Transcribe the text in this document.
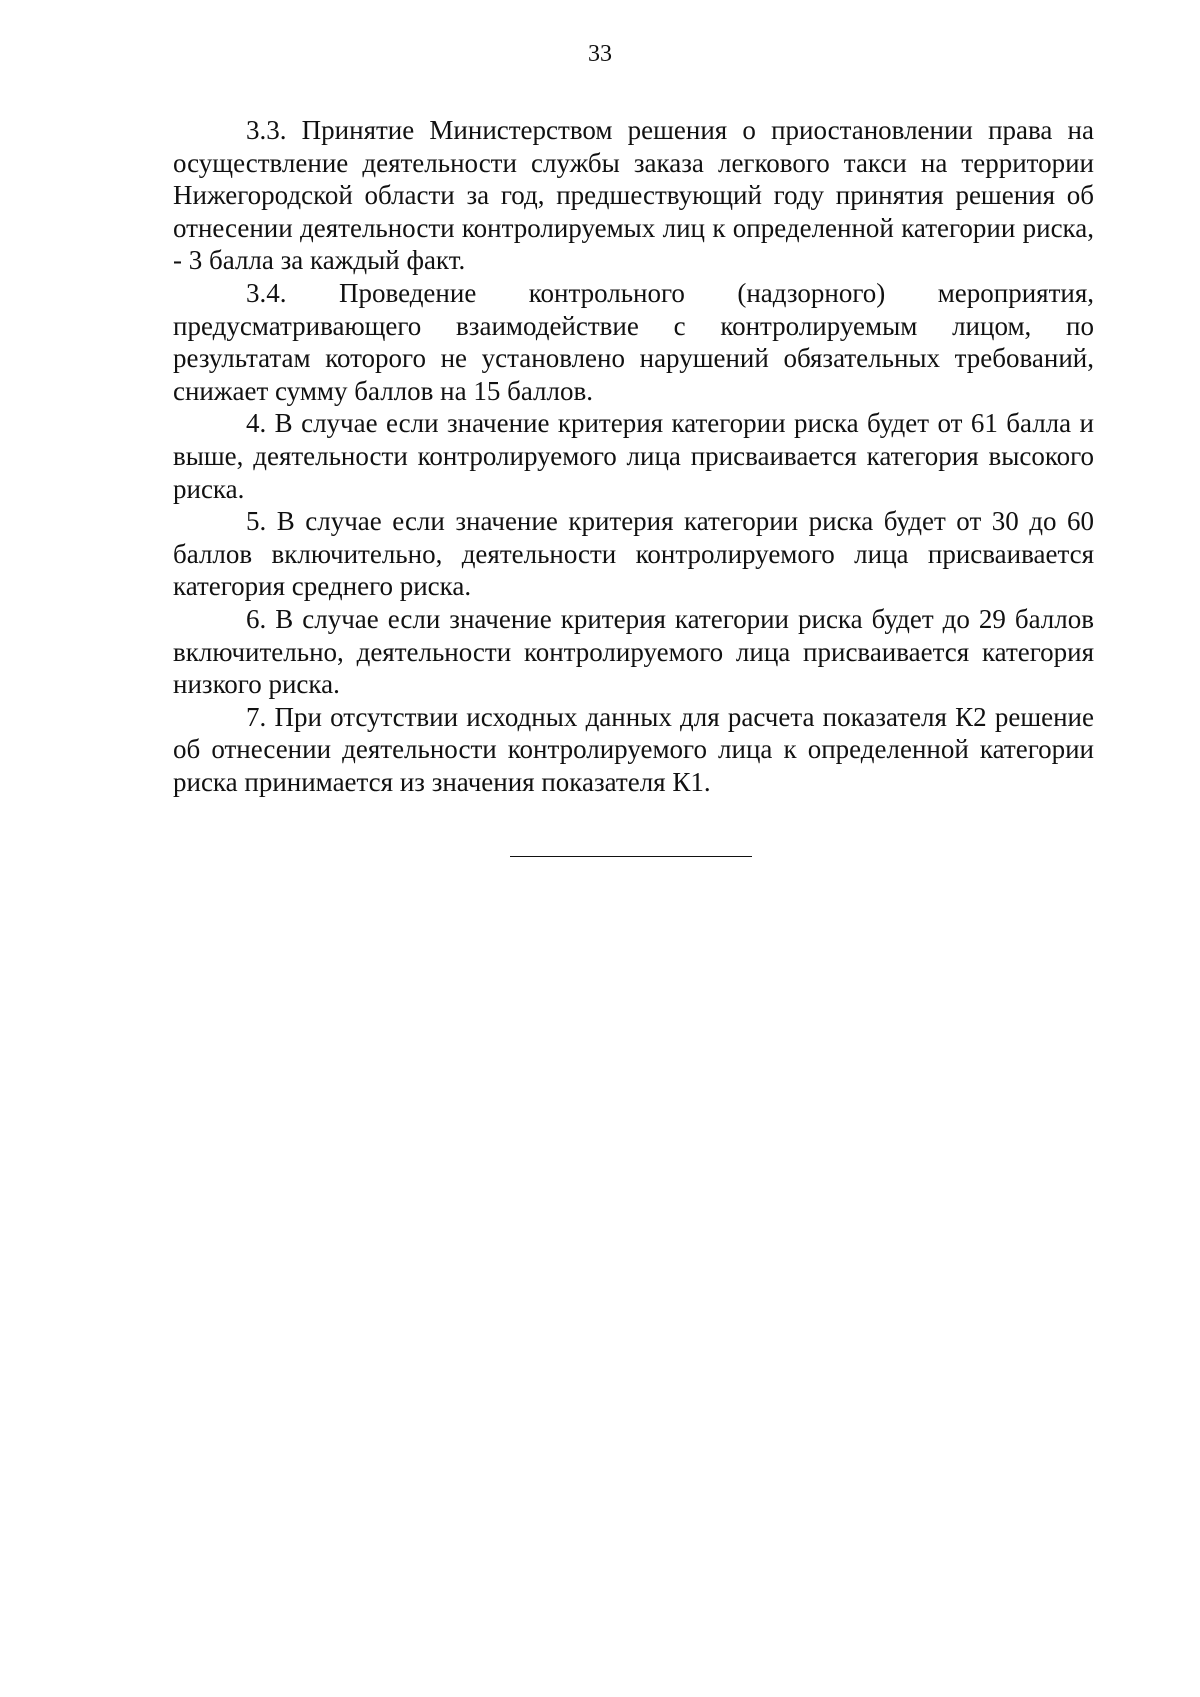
33

3.3. Принятие Министерством решения о приостановлении права на осуществление деятельности службы заказа легкового такси на территории Нижегородской области за год, предшествующий году принятия решения об отнесении деятельности контролируемых лиц к определенной категории риска, - 3 балла за каждый факт.

3.4. Проведение контрольного (надзорного) мероприятия, предусматривающего взаимодействие с контролируемым лицом, по результатам которого не установлено нарушений обязательных требований, снижает сумму баллов на 15 баллов.

4. В случае если значение критерия категории риска будет от 61 балла и выше, деятельности контролируемого лица присваивается категория высокого риска.

5. В случае если значение критерия категории риска будет от 30 до 60 баллов включительно, деятельности контролируемого лица присваивается категория среднего риска.

6. В случае если значение критерия категории риска будет до 29 баллов включительно, деятельности контролируемого лица присваивается категория низкого риска.

7. При отсутствии исходных данных для расчета показателя К2 решение об отнесении деятельности контролируемого лица к определенной категории риска принимается из значения показателя К1.
